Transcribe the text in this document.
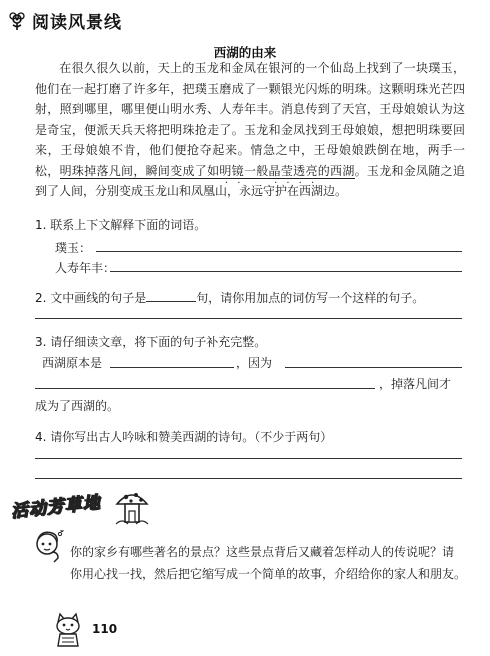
阅读风景线
西湖的由来

在很久很久以前，天上的玉龙和金凤在银河的一个仙岛上找到了一块璞玉，他们在一起打磨了许多年，把璞玉磨成了一颗银光闪烁的明珠。这颗明珠光芒四射，照到哪里，哪里便山明水秀、人寿年丰。消息传到了天宫，王母娘娘认为这是奇宝，便派天兵天将把明珠抢走了。玉龙和金凤找到王母娘娘，想把明珠要回来，王母娘娘不肯，他们便抢夺起来。情急之中，王母娘娘跌倒在地，两手一松，明珠掉落凡间，瞬间变成了如明镜一般晶莹透亮的西湖。玉龙和金凤随之追到了人间，分别变成玉龙山和凤凰山，永远守护在西湖边。

1. 联系上下文解释下面的词语。
璞玉：
人寿年丰：
2. 文中画线的句子是	句，请你用加点的词仿写一个这样的句子。
3. 请仔细读文章，将下面的句子补充完整。
西湖原本是	，因为
，掉落凡间才
成为了西湖的。
4. 请你写出古人吟咏和赞美西湖的诗句。（不少于两句）
活动芳草地

你的家乡有哪些著名的景点？这些景点背后又藏着怎样动人的传说呢？请

你用心找一找，然后把它缩写成一个简单的故事，介绍给你的家人和朋友。

110
